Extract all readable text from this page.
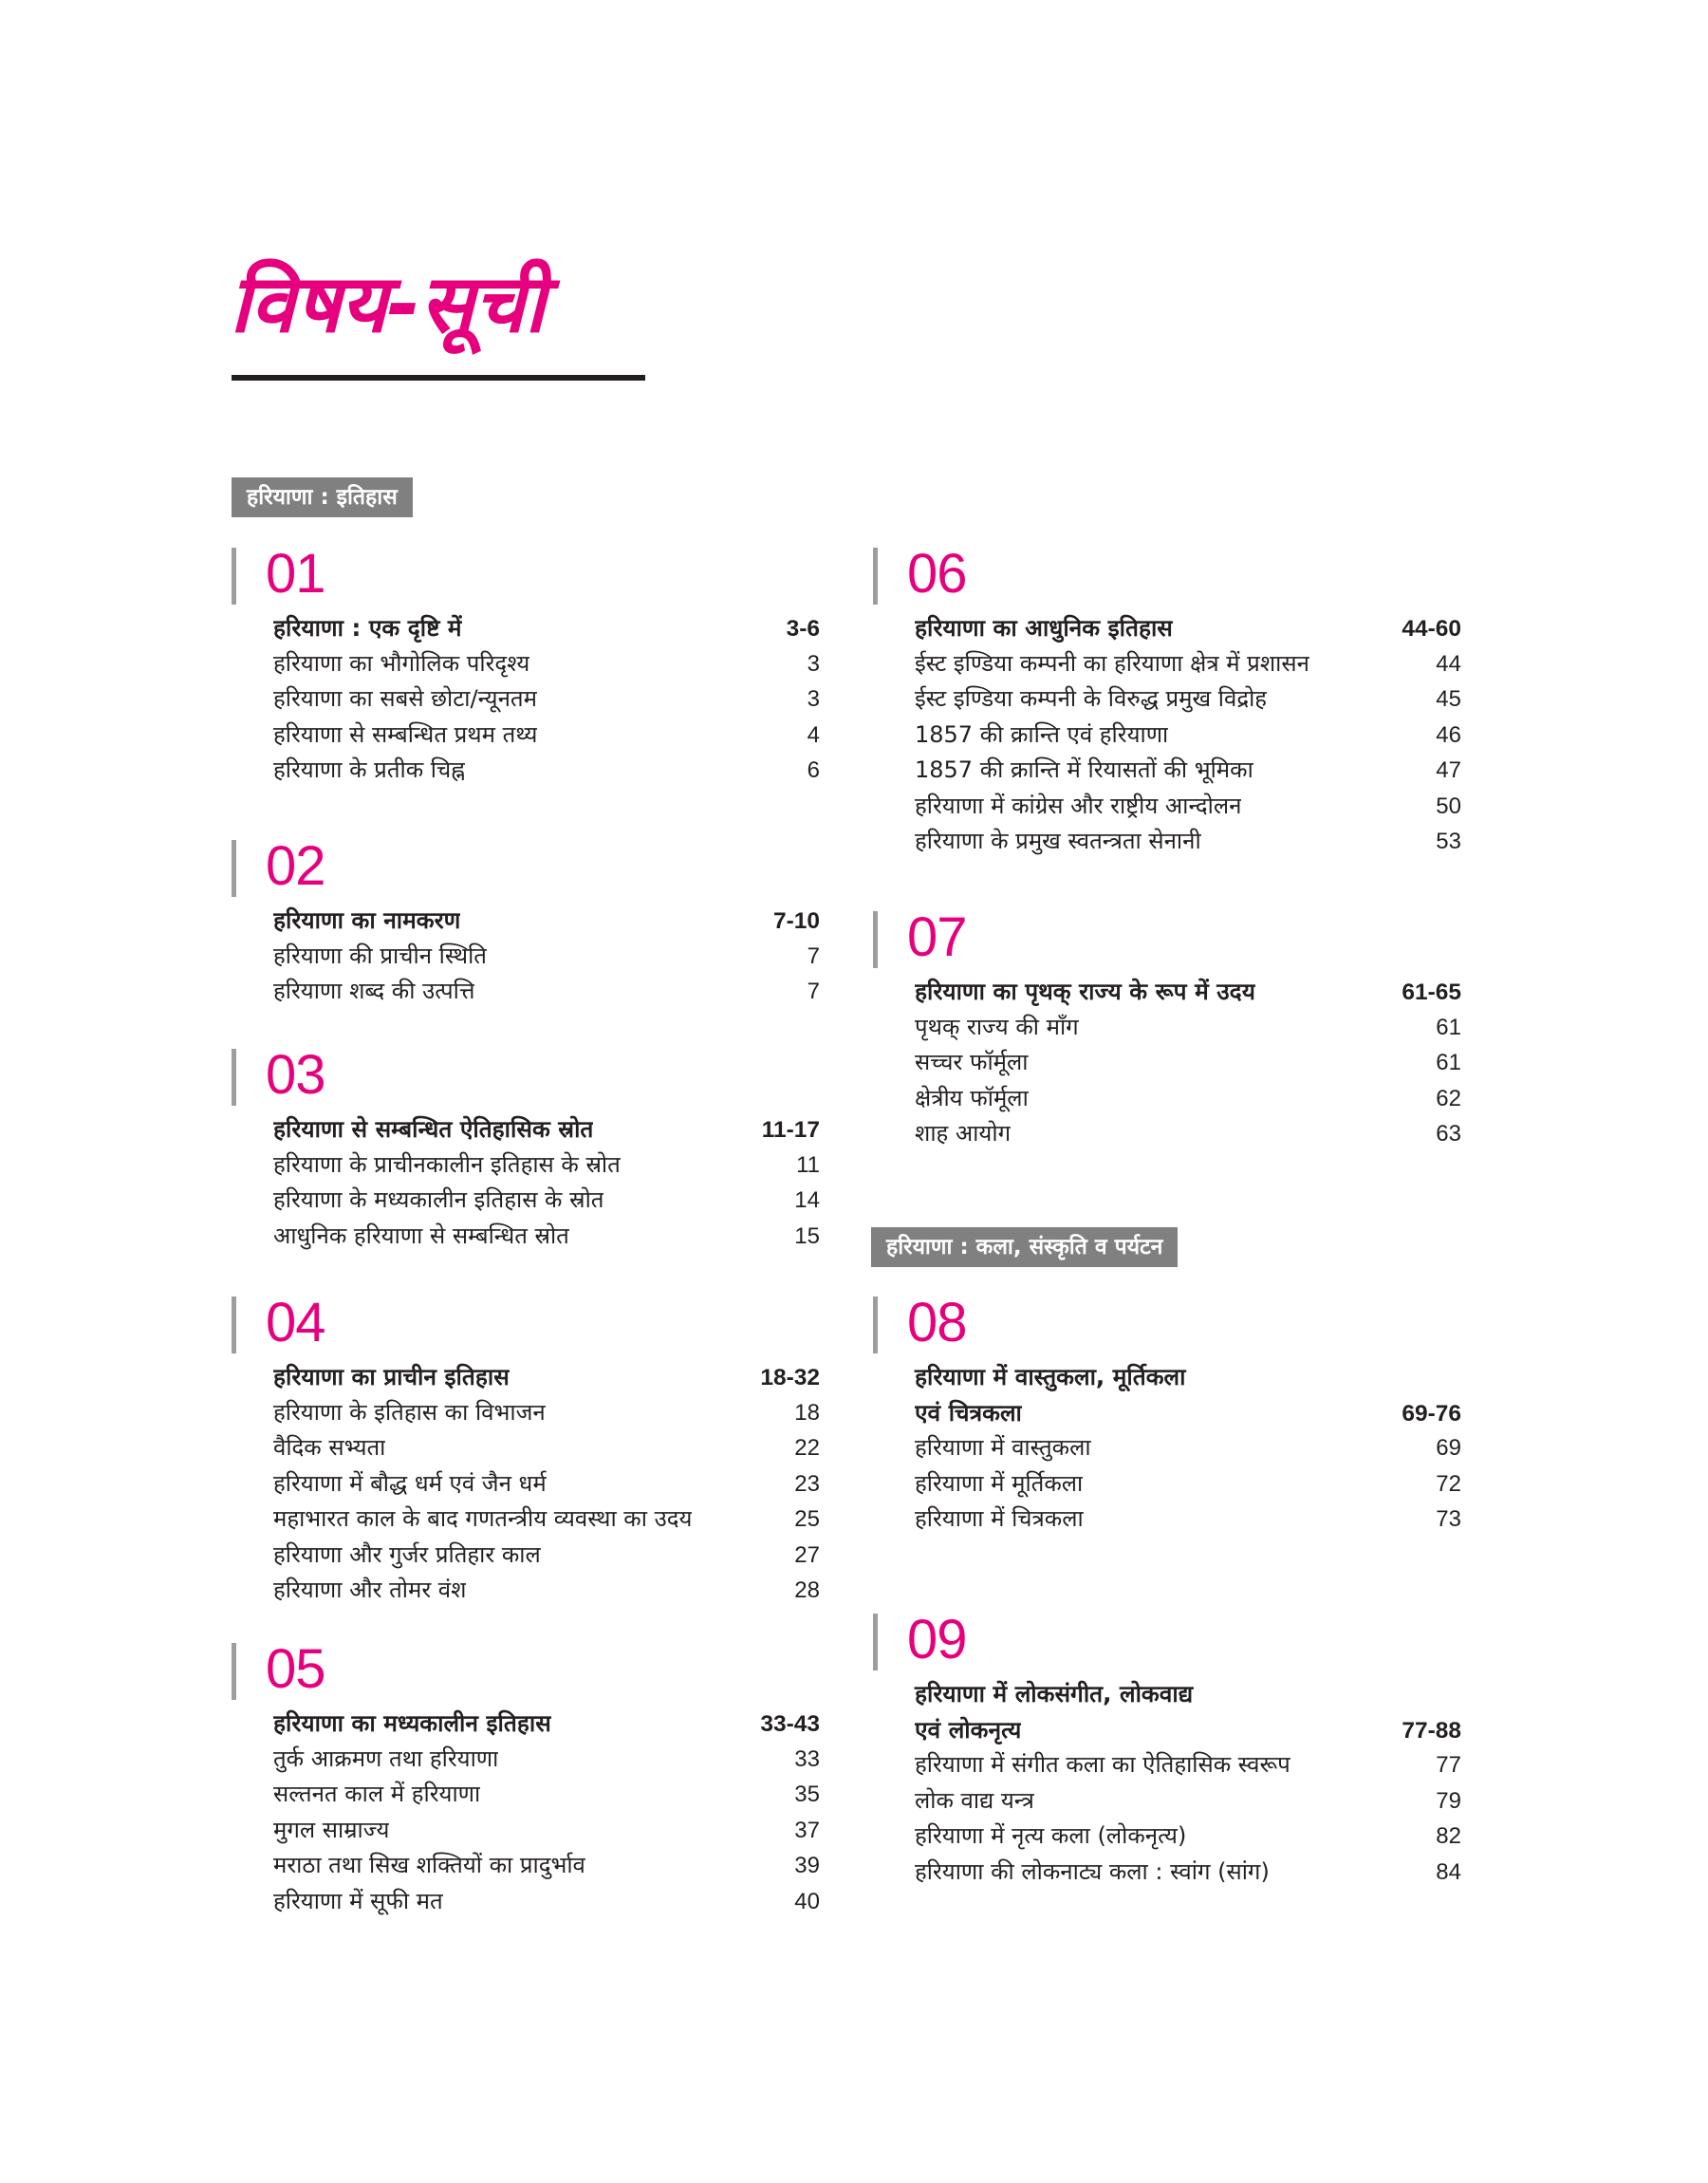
विषय-सूची
हरियाणा : इतिहास
हरियाणा : कला, संस्कृति व पर्यटन
01
हरियाणा : एक दृष्टि में	3-6
हरियाणा का भौगोलिक परिदृश्य	3
हरियाणा का सबसे छोटा/न्यूनतम	3
हरियाणा से सम्बन्धित प्रथम तथ्य	4
हरियाणा के प्रतीक चिह्न	6
02
हरियाणा का नामकरण	7-10
हरियाणा की प्राचीन स्थिति	7
हरियाणा शब्द की उत्पत्ति	7
03
हरियाणा से सम्बन्धित ऐतिहासिक स्रोत	11-17
हरियाणा के प्राचीनकालीन इतिहास के स्रोत	11
हरियाणा के मध्यकालीन इतिहास के स्रोत	14
आधुनिक हरियाणा से सम्बन्धित स्रोत	15
04
हरियाणा का प्राचीन इतिहास	18-32
हरियाणा के इतिहास का विभाजन	18
वैदिक सभ्यता	22
हरियाणा में बौद्ध धर्म एवं जैन धर्म	23
महाभारत काल के बाद गणतन्त्रीय व्यवस्था का उदय	25
हरियाणा और गुर्जर प्रतिहार काल	27
हरियाणा और तोमर वंश	28
05
हरियाणा का मध्यकालीन इतिहास	33-43
तुर्क आक्रमण तथा हरियाणा	33
सल्तनत काल में हरियाणा	35
मुगल साम्राज्य	37
मराठा तथा सिख शक्तियों का प्रादुर्भाव	39
हरियाणा में सूफी मत	40
06
हरियाणा का आधुनिक इतिहास	44-60
ईस्ट इण्डिया कम्पनी का हरियाणा क्षेत्र में प्रशासन	44
ईस्ट इण्डिया कम्पनी के विरुद्ध प्रमुख विद्रोह	45
1857 की क्रान्ति एवं हरियाणा	46
1857 की क्रान्ति में रियासतों की भूमिका	47
हरियाणा में कांग्रेस और राष्ट्रीय आन्दोलन	50
हरियाणा के प्रमुख स्वतन्त्रता सेनानी	53
07
हरियाणा का पृथक् राज्य के रूप में उदय	61-65
पृथक् राज्य की माँग	61
सच्चर फॉर्मूला	61
क्षेत्रीय फॉर्मूला	62
शाह आयोग	63
08
हरियाणा में वास्तुकला, मूर्तिकला
एवं चित्रकला	69-76
हरियाणा में वास्तुकला	69
हरियाणा में मूर्तिकला	72
हरियाणा में चित्रकला	73
09
हरियाणा में लोकसंगीत, लोकवाद्य
एवं लोकनृत्य	77-88
हरियाणा में संगीत कला का ऐतिहासिक स्वरूप	77
लोक वाद्य यन्त्र	79
हरियाणा में नृत्य कला (लोकनृत्य)	82
हरियाणा की लोकनाट्य कला : स्वांग (सांग)	84
